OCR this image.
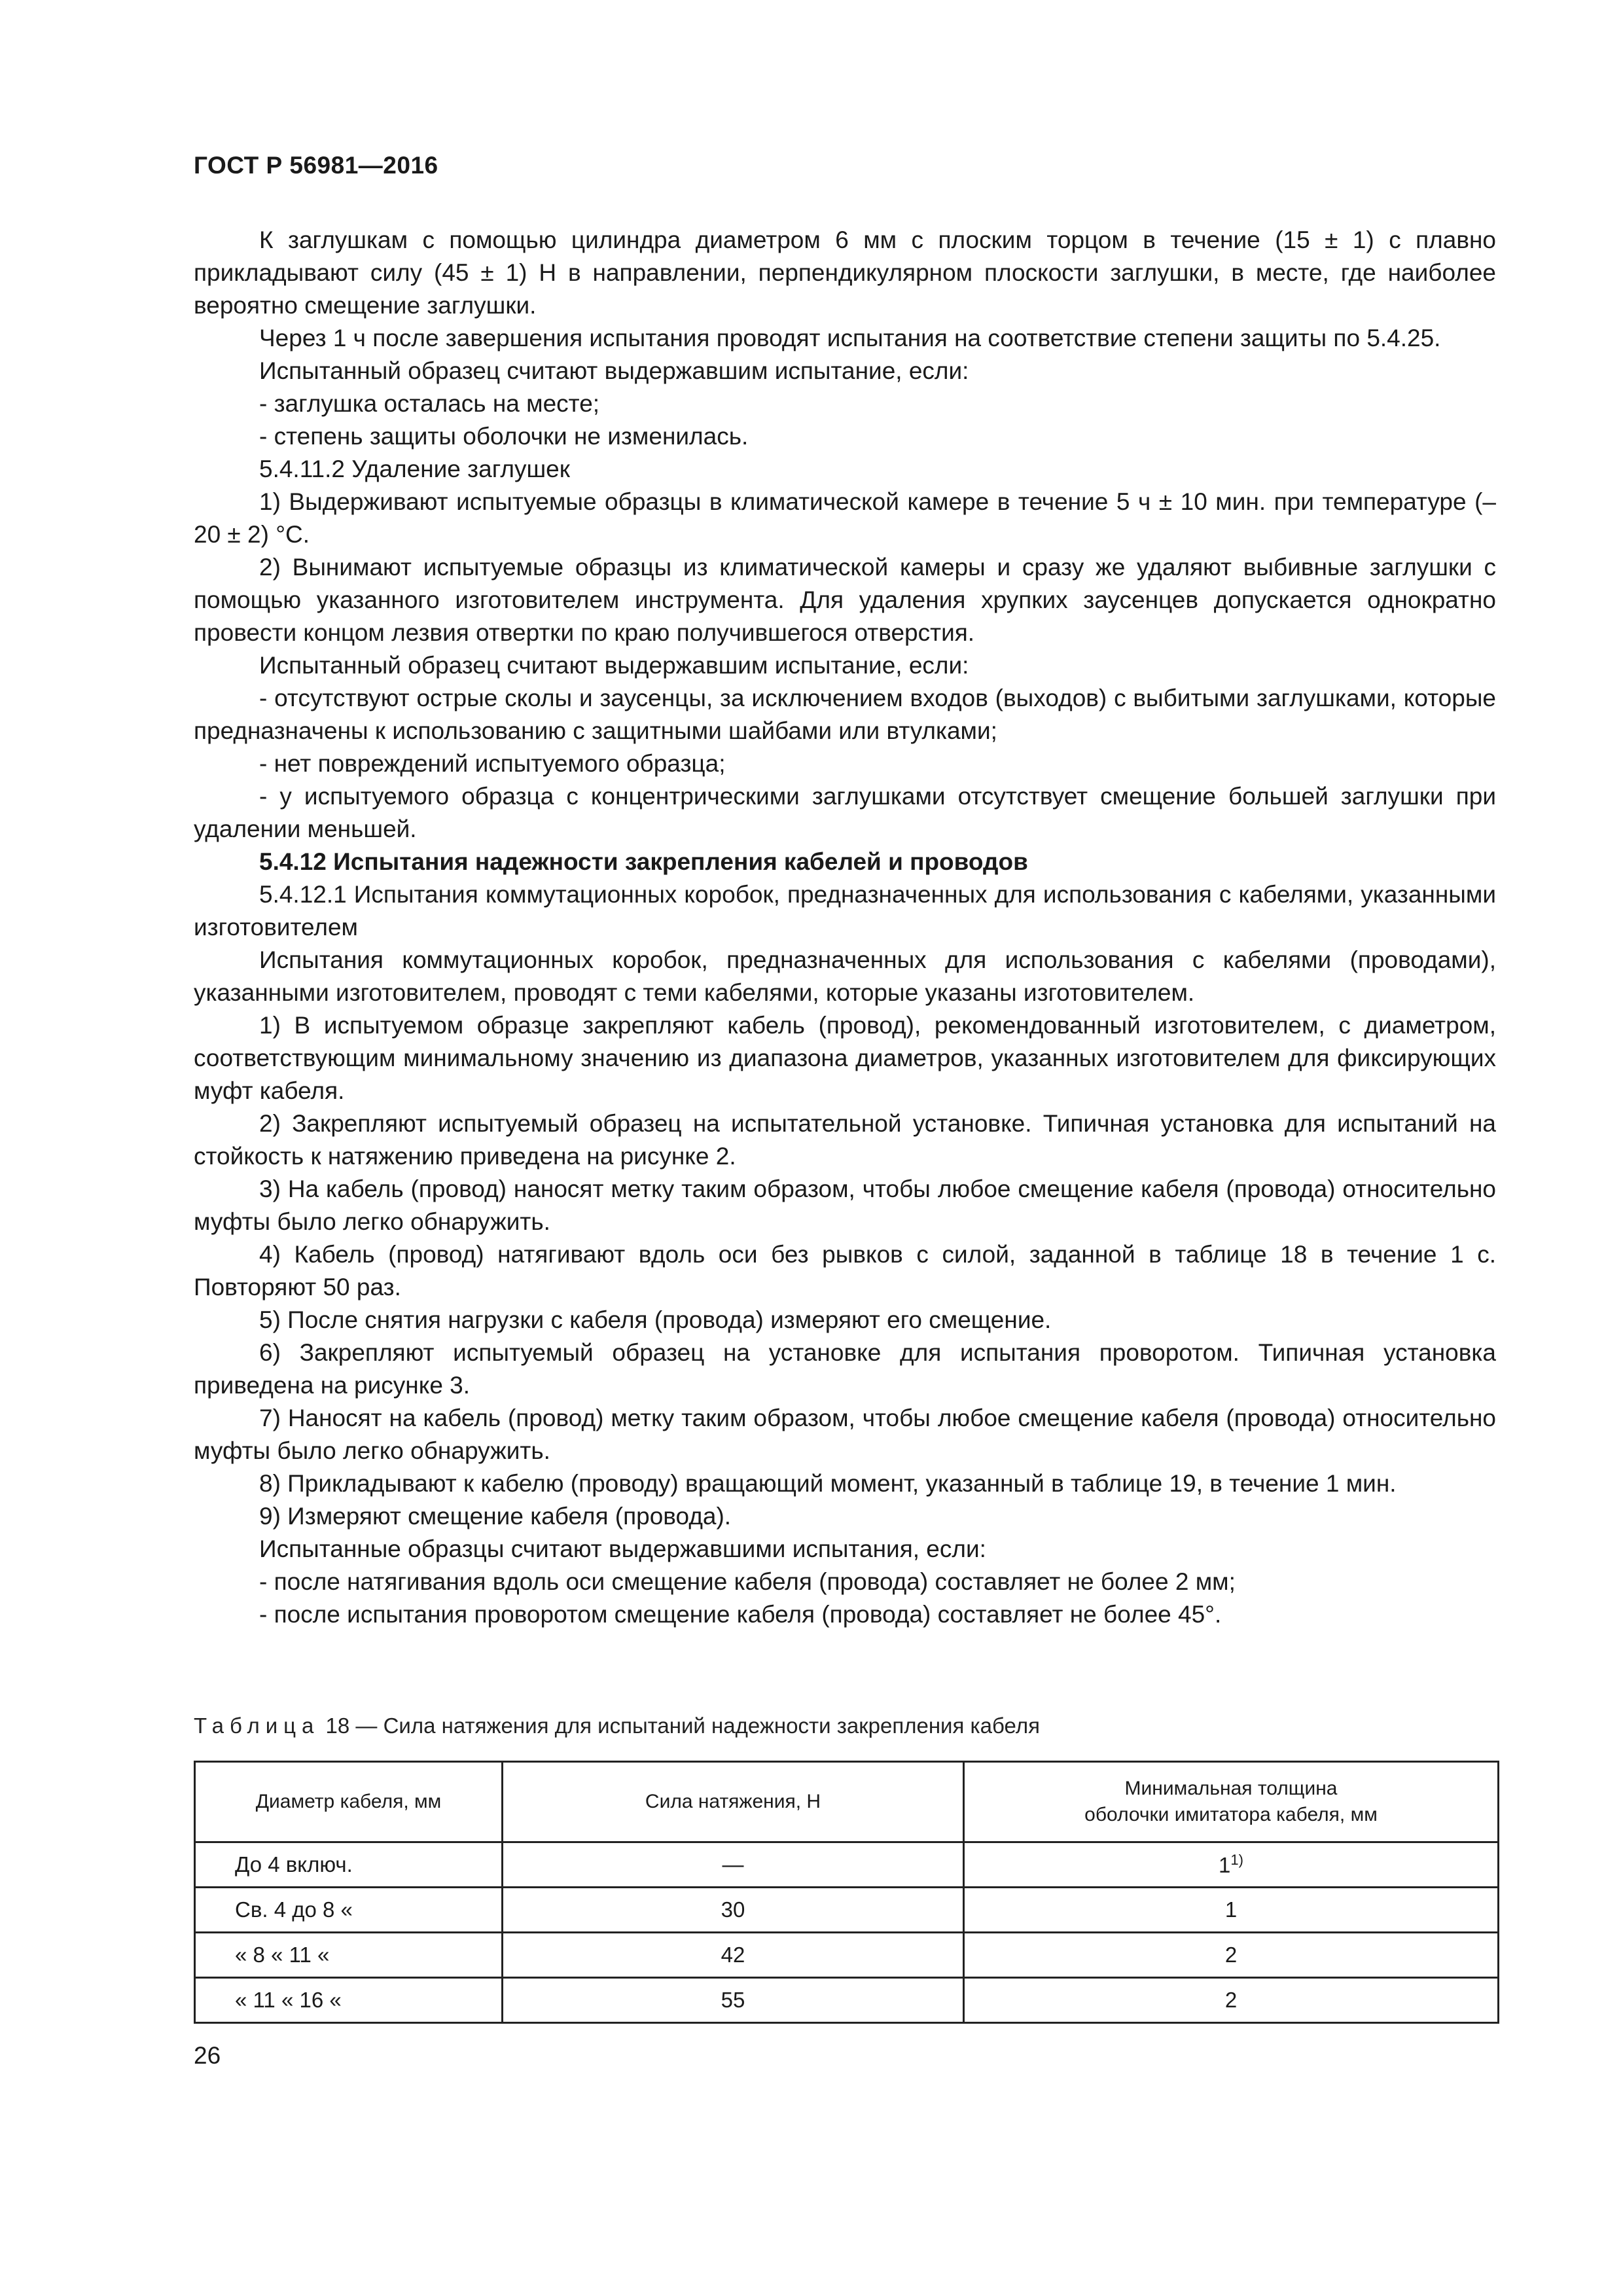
ГОСТ Р 56981—2016

К заглушкам с помощью цилиндра диаметром 6 мм с плоским торцом в течение (15 ± 1) с плавно прикладывают силу (45 ± 1) Н в направлении, перпендикулярном плоскости заглушки, в месте, где наиболее вероятно смещение заглушки.

Через 1 ч после завершения испытания проводят испытания на соответствие степени защиты по 5.4.25.

Испытанный образец считают выдержавшим испытание, если:

- заглушка осталась на месте;

- степень защиты оболочки не изменилась.

5.4.11.2 Удаление заглушек

1) Выдерживают испытуемые образцы в климатической камере в течение 5 ч ± 10 мин. при температуре (– 20 ± 2) °С.

2) Вынимают испытуемые образцы из климатической камеры и сразу же удаляют выбивные заглушки с помощью указанного изготовителем инструмента. Для удаления хрупких заусенцев допускается однократно провести концом лезвия отвертки по краю получившегося отверстия.

Испытанный образец считают выдержавшим испытание, если:

- отсутствуют острые сколы и заусенцы, за исключением входов (выходов) с выбитыми заглушками, которые предназначены к использованию с защитными шайбами или втулками;

- нет повреждений испытуемого образца;

- у испытуемого образца с концентрическими заглушками отсутствует смещение большей заглушки при удалении меньшей.

5.4.12 Испытания надежности закрепления кабелей и проводов

5.4.12.1 Испытания коммутационных коробок, предназначенных для использования с кабелями, указанными изготовителем

Испытания коммутационных коробок, предназначенных для использования с кабелями (проводами), указанными изготовителем, проводят с теми кабелями, которые указаны изготовителем.

1) В испытуемом образце закрепляют кабель (провод), рекомендованный изготовителем, с диаметром, соответствующим минимальному значению из диапазона диаметров, указанных изготовителем для фиксирующих муфт кабеля.

2) Закрепляют испытуемый образец на испытательной установке. Типичная установка для испытаний на стойкость к натяжению приведена на рисунке 2.

3) На кабель (провод) наносят метку таким образом, чтобы любое смещение кабеля (провода) относительно муфты было легко обнаружить.

4) Кабель (провод) натягивают вдоль оси без рывков с силой, заданной в таблице 18 в течение 1 с. Повторяют 50 раз.

5) После снятия нагрузки с кабеля (провода) измеряют его смещение.

6) Закрепляют испытуемый образец на установке для испытания проворотом. Типичная установка приведена на рисунке 3.

7) Наносят на кабель (провод) метку таким образом, чтобы любое смещение кабеля (провода) относительно муфты было легко обнаружить.

8) Прикладывают к кабелю (проводу) вращающий момент, указанный в таблице 19, в течение 1 мин.

9) Измеряют смещение кабеля (провода).

Испытанные образцы считают выдержавшими испытания, если:

- после натягивания вдоль оси смещение кабеля (провода) составляет не более 2 мм;

- после испытания проворотом смещение кабеля (провода) составляет не более 45°.

Таблица 18 — Сила натяжения для испытаний надежности закрепления кабеля
Диаметр кабеля, мм	Сила натяжения, Н	Минимальная толщина оболочки имитатора кабеля, мм

До 4 включ.	—	1$^{1)}$
Св. 4 до 8 «	30	1
« 8 « 11 «	42	2
« 11 « 16 «	55	2
26
